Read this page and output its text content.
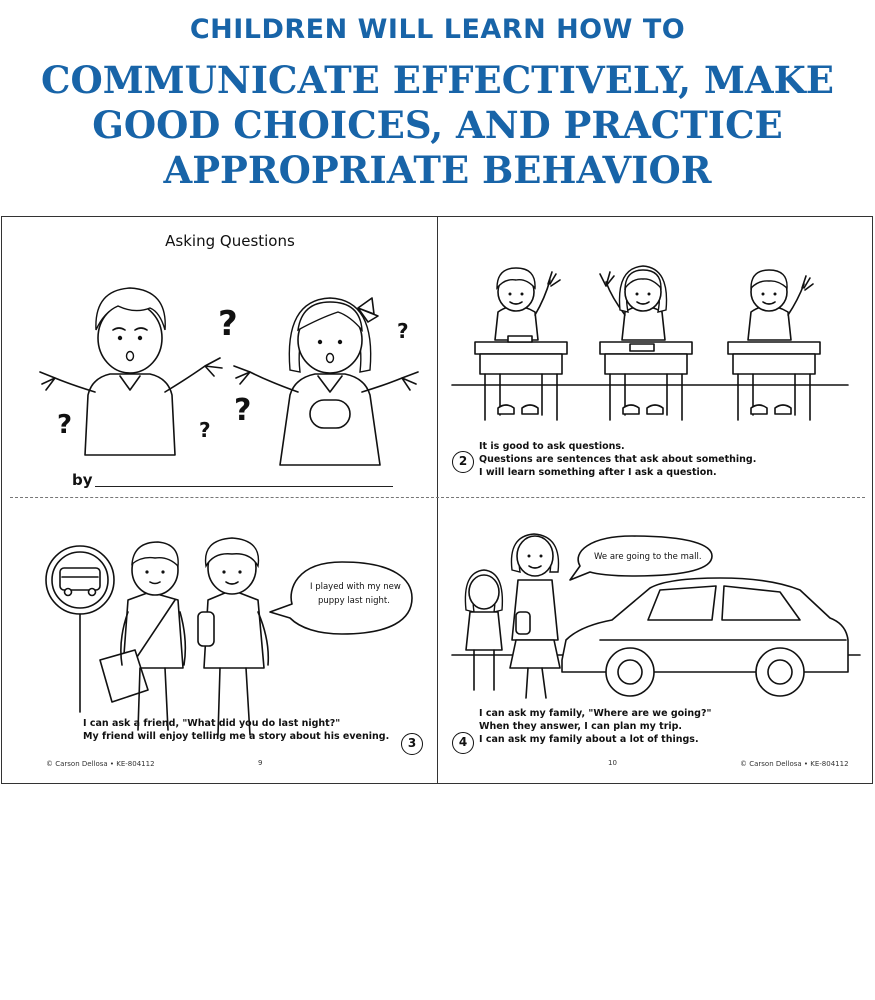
CHILDREN WILL LEARN HOW TO
COMMUNICATE EFFECTIVELY, MAKE
GOOD CHOICES, AND PRACTICE
APPROPRIATE BEHAVIOR
?	?
?
?	?
I played with my new
puppy last night.
We are going to the mall.
Asking Questions
by
2
It is good to ask questions.
Questions are sentences that ask about something.
I will learn something after I ask a question.
I can ask a friend, "What did you do last night?"
My friend will enjoy telling me a story about his evening.	3	4
I can ask my family, "Where are we going?"
When they answer, I can plan my trip.
I can ask my family about a lot of things.
© Carson Dellosa • KE-804112	9	10	© Carson Dellosa • KE-804112
